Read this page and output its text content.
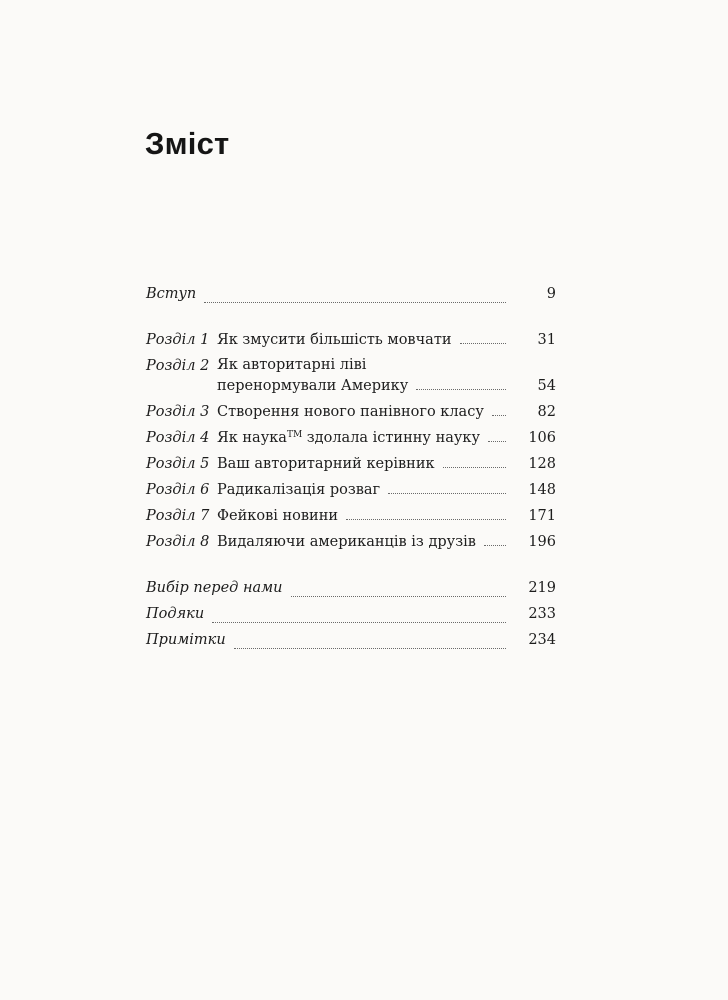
Зміст
Вступ	9
Розділ 1 Як змусити більшість мовчати	31
Розділ 2 Як авторитарні ліві
перенормували Америку	54
Розділ 3 Створення нового панівного класу	82
Розділ 4 Як наука™ здолала істинну науку	106
Розділ 5 Ваш авторитарний керівник	128
Розділ 6 Радикалізація розваг	148
Розділ 7 Фейкові новини	171
Розділ 8 Видаляючи американців із друзів	196
Вибір перед нами	219
Подяки	233
Примітки	234
